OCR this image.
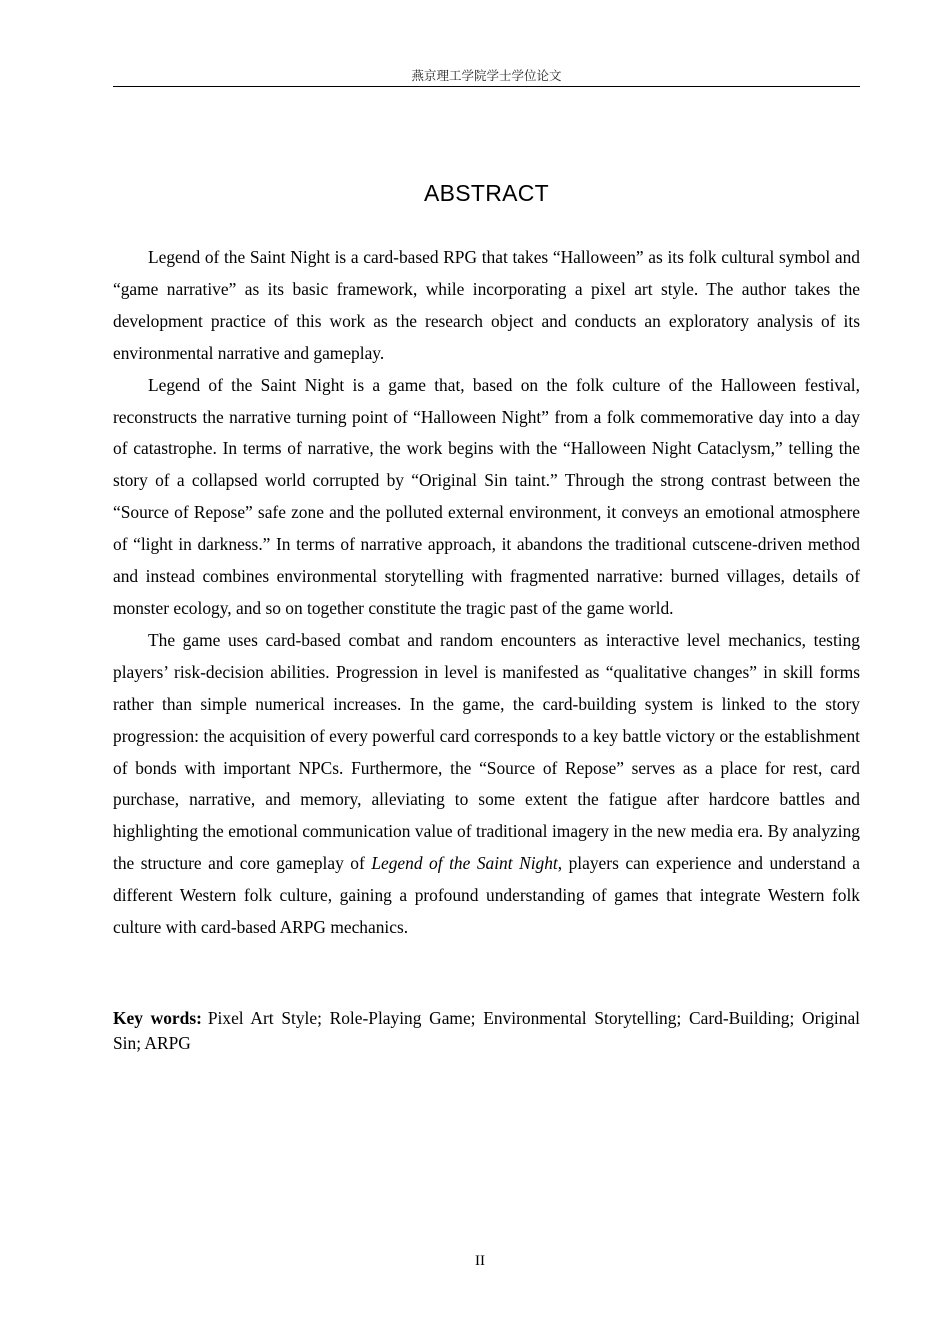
燕京理工学院学士学位论文
ABSTRACT

Legend of the Saint Night is a card-based RPG that takes “Halloween” as its folk cultural symbol and “game narrative” as its basic framework, while incorporating a pixel art style. The author takes the development practice of this work as the research object and conducts an exploratory analysis of its environmental narrative and gameplay.

Legend of the Saint Night is a game that, based on the folk culture of the Halloween festival, reconstructs the narrative turning point of “Halloween Night” from a folk commemorative day into a day of catastrophe. In terms of narrative, the work begins with the “Halloween Night Cataclysm,” telling the story of a collapsed world corrupted by “Original Sin taint.” Through the strong contrast between the “Source of Repose” safe zone and the polluted external environment, it conveys an emotional atmosphere of “light in darkness.” In terms of narrative approach, it abandons the traditional cutscene-driven method and instead combines environmental storytelling with fragmented narrative: burned villages, details of monster ecology, and so on together constitute the tragic past of the game world.

The game uses card-based combat and random encounters as interactive level mechanics, testing players’ risk-decision abilities. Progression in level is manifested as “qualitative changes” in skill forms rather than simple numerical increases. In the game, the card-building system is linked to the story progression: the acquisition of every powerful card corresponds to a key battle victory or the establishment of bonds with important NPCs. Furthermore, the “Source of Repose” serves as a place for rest, card purchase, narrative, and memory, alleviating to some extent the fatigue after hardcore battles and highlighting the emotional communication value of traditional imagery in the new media era. By analyzing the structure and core gameplay of Legend of the Saint Night, players can experience and understand a different Western folk culture, gaining a profound understanding of games that integrate Western folk culture with card-based ARPG mechanics.

Key words: Pixel Art Style; Role-Playing Game; Environmental Storytelling; Card-Building; Original Sin; ARPG
II
